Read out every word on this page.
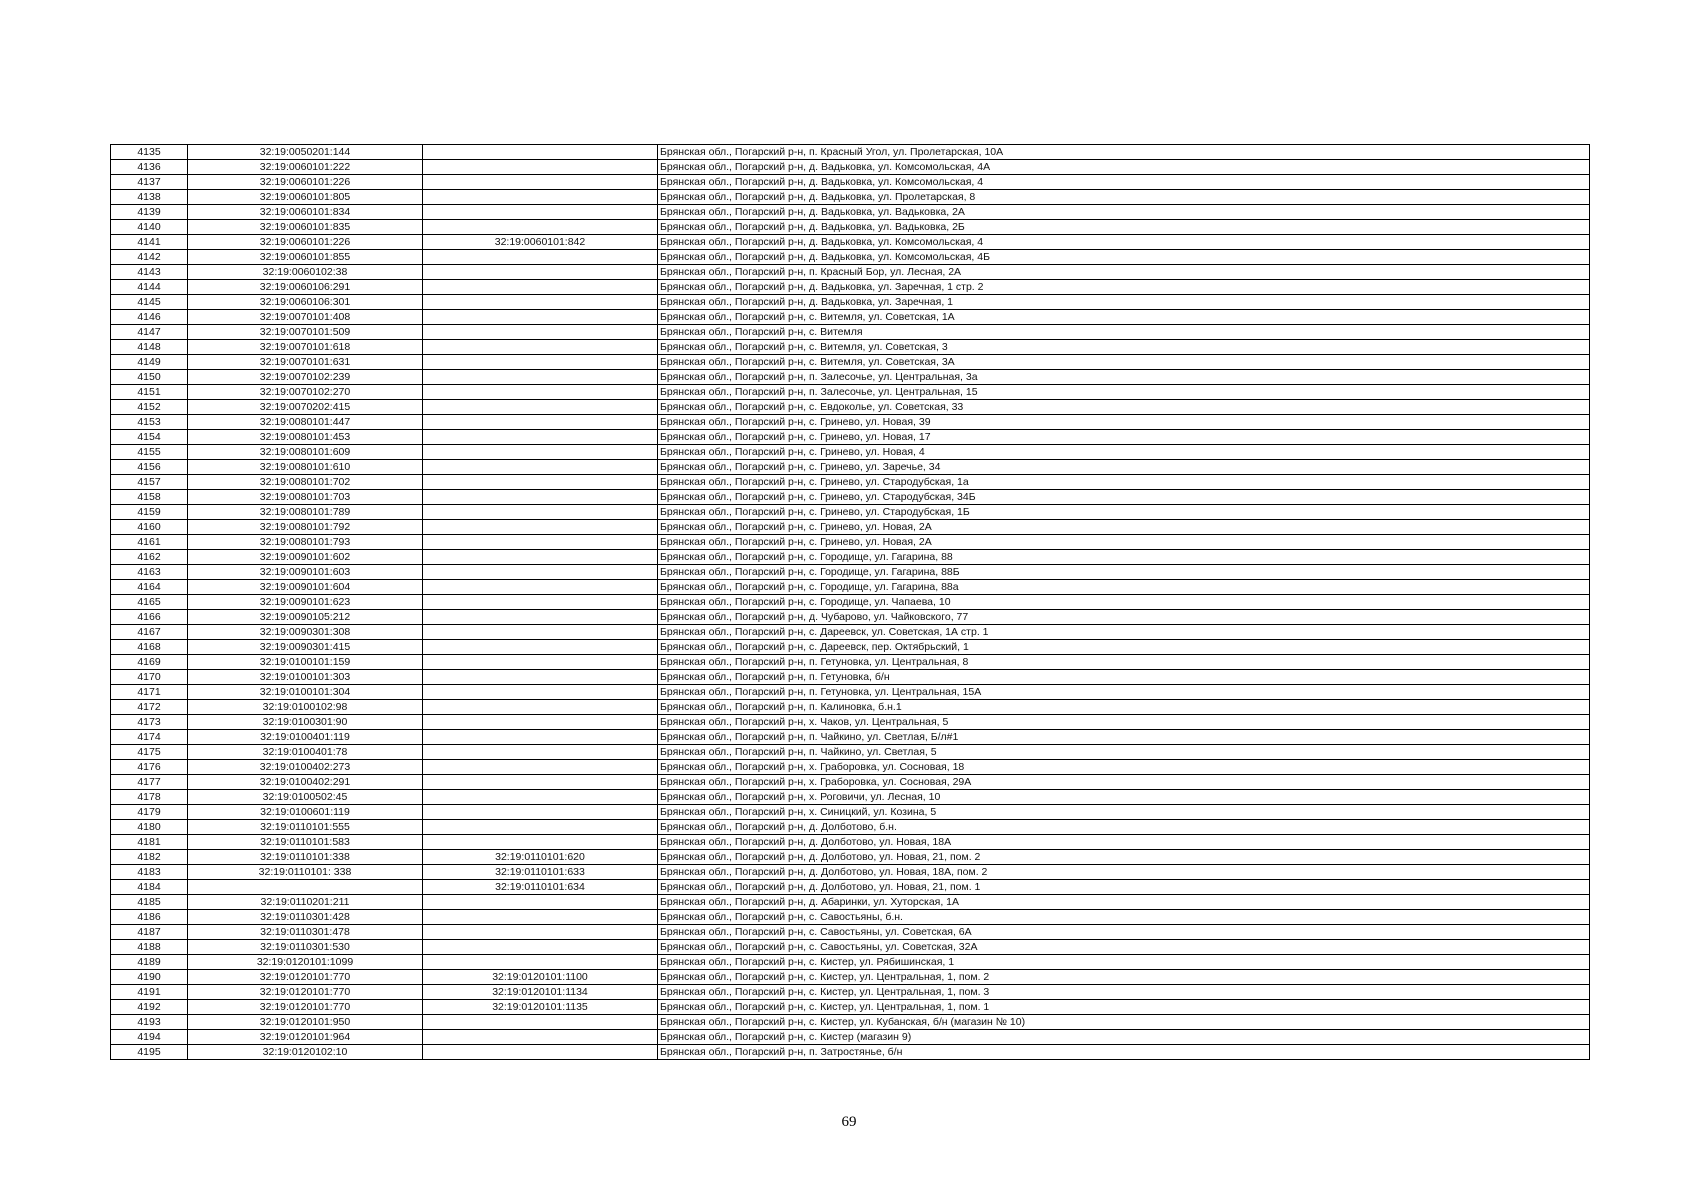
4135	32:19:0050201:144		Брянская обл., Погарский р-н, п. Красный Угол, ул. Пролетарская, 10А
4136	32:19:0060101:222		Брянская обл., Погарский р-н, д. Вадьковка, ул. Комсомольская, 4А
4137	32:19:0060101:226		Брянская обл., Погарский р-н, д. Вадьковка, ул. Комсомольская, 4
4138	32:19:0060101:805		Брянская обл., Погарский р-н, д. Вадьковка, ул. Пролетарская, 8
4139	32:19:0060101:834		Брянская обл., Погарский р-н, д. Вадьковка, ул. Вадьковка, 2А
4140	32:19:0060101:835		Брянская обл., Погарский р-н, д. Вадьковка, ул. Вадьковка, 2Б
4141	32:19:0060101:226	32:19:0060101:842	Брянская обл., Погарский р-н, д. Вадьковка, ул. Комсомольская, 4
4142	32:19:0060101:855		Брянская обл., Погарский р-н, д. Вадьковка, ул. Комсомольская, 4Б
4143	32:19:0060102:38		Брянская обл., Погарский р-н, п. Красный Бор, ул. Лесная, 2А
4144	32:19:0060106:291		Брянская обл., Погарский р-н, д. Вадьковка, ул. Заречная, 1 стр. 2
4145	32:19:0060106:301		Брянская обл., Погарский р-н, д. Вадьковка, ул. Заречная, 1
4146	32:19:0070101:408		Брянская обл., Погарский р-н, с. Витемля, ул. Советская, 1А
4147	32:19:0070101:509		Брянская обл., Погарский р-н, с. Витемля
4148	32:19:0070101:618		Брянская обл., Погарский р-н, с. Витемля, ул. Советская, 3
4149	32:19:0070101:631		Брянская обл., Погарский р-н, с. Витемля, ул. Советская, 3А
4150	32:19:0070102:239		Брянская обл., Погарский р-н, п. Залесочье, ул. Центральная, 3а
4151	32:19:0070102:270		Брянская обл., Погарский р-н, п. Залесочье, ул. Центральная, 15
4152	32:19:0070202:415		Брянская обл., Погарский р-н, с. Евдоколье, ул. Советская, 33
4153	32:19:0080101:447		Брянская обл., Погарский р-н, с. Гринево, ул. Новая, 39
4154	32:19:0080101:453		Брянская обл., Погарский р-н, с. Гринево, ул. Новая, 17
4155	32:19:0080101:609		Брянская обл., Погарский р-н, с. Гринево, ул. Новая, 4
4156	32:19:0080101:610		Брянская обл., Погарский р-н, с. Гринево, ул. Заречье, 34
4157	32:19:0080101:702		Брянская обл., Погарский р-н, с. Гринево, ул. Стародубская, 1а
4158	32:19:0080101:703		Брянская обл., Погарский р-н, с. Гринево, ул. Стародубская, 34Б
4159	32:19:0080101:789		Брянская обл., Погарский р-н, с. Гринево, ул. Стародубская, 1Б
4160	32:19:0080101:792		Брянская обл., Погарский р-н, с. Гринево, ул. Новая, 2А
4161	32:19:0080101:793		Брянская обл., Погарский р-н, с. Гринево, ул. Новая, 2А
4162	32:19:0090101:602		Брянская обл., Погарский р-н, с. Городище, ул. Гагарина, 88
4163	32:19:0090101:603		Брянская обл., Погарский р-н, с. Городище, ул. Гагарина, 88Б
4164	32:19:0090101:604		Брянская обл., Погарский р-н, с. Городище, ул. Гагарина, 88а
4165	32:19:0090101:623		Брянская обл., Погарский р-н, с. Городище, ул. Чапаева, 10
4166	32:19:0090105:212		Брянская обл., Погарский р-н, д. Чубарово, ул. Чайковского, 77
4167	32:19:0090301:308		Брянская обл., Погарский р-н, с. Дареевск, ул. Советская, 1А стр. 1
4168	32:19:0090301:415		Брянская обл., Погарский р-н, с. Дареевск, пер. Октябрьский, 1
4169	32:19:0100101:159		Брянская обл., Погарский р-н, п. Гетуновка, ул. Центральная, 8
4170	32:19:0100101:303		Брянская обл., Погарский р-н, п. Гетуновка, б/н
4171	32:19:0100101:304		Брянская обл., Погарский р-н, п. Гетуновка, ул. Центральная, 15А
4172	32:19:0100102:98		Брянская обл., Погарский р-н, п. Калиновка, б.н.1
4173	32:19:0100301:90		Брянская обл., Погарский р-н, х. Чаков, ул. Центральная, 5
4174	32:19:0100401:119		Брянская обл., Погарский р-н, п. Чайкино, ул. Светлая, Б/л#1
4175	32:19:0100401:78		Брянская обл., Погарский р-н, п. Чайкино, ул. Светлая, 5
4176	32:19:0100402:273		Брянская обл., Погарский р-н, х. Граборовка, ул. Сосновая, 18
4177	32:19:0100402:291		Брянская обл., Погарский р-н, х. Граборовка, ул. Сосновая, 29А
4178	32:19:0100502:45		Брянская обл., Погарский р-н, х. Роговичи, ул. Лесная, 10
4179	32:19:0100601:119		Брянская обл., Погарский р-н, х. Синицкий, ул. Козина, 5
4180	32:19:0110101:555		Брянская обл., Погарский р-н, д. Долботово, б.н.
4181	32:19:0110101:583		Брянская обл., Погарский р-н, д. Долботово, ул. Новая, 18А
4182	32:19:0110101:338	32:19:0110101:620	Брянская обл., Погарский р-н, д. Долботово, ул. Новая, 21, пом. 2
4183	32:19:0110101: 338	32:19:0110101:633	Брянская обл., Погарский р-н, д. Долботово, ул. Новая, 18А, пом. 2
4184		32:19:0110101:634	Брянская обл., Погарский р-н, д. Долботово, ул. Новая, 21, пом. 1
4185	32:19:0110201:211		Брянская обл., Погарский р-н, д. Абаринки, ул. Хуторская, 1А
4186	32:19:0110301:428		Брянская обл., Погарский р-н, с. Савостьяны, б.н.
4187	32:19:0110301:478		Брянская обл., Погарский р-н, с. Савостьяны, ул. Советская, 6А
4188	32:19:0110301:530		Брянская обл., Погарский р-н, с. Савостьяны, ул. Советская, 32А
4189	32:19:0120101:1099		Брянская обл., Погарский р-н, с. Кистер, ул. Рябишинская, 1
4190	32:19:0120101:770	32:19:0120101:1100	Брянская обл., Погарский р-н, с. Кистер, ул. Центральная, 1, пом. 2
4191	32:19:0120101:770	32:19:0120101:1134	Брянская обл., Погарский р-н, с. Кистер, ул. Центральная, 1, пом. 3
4192	32:19:0120101:770	32:19:0120101:1135	Брянская обл., Погарский р-н, с. Кистер, ул. Центральная, 1, пом. 1
4193	32:19:0120101:950		Брянская обл., Погарский р-н, с. Кистер, ул. Кубанская, б/н (магазин № 10)
4194	32:19:0120101:964		Брянская обл., Погарский р-н, с. Кистер (магазин 9)
4195	32:19:0120102:10		Брянская обл., Погарский р-н, п. Затростянье, б/н
69
